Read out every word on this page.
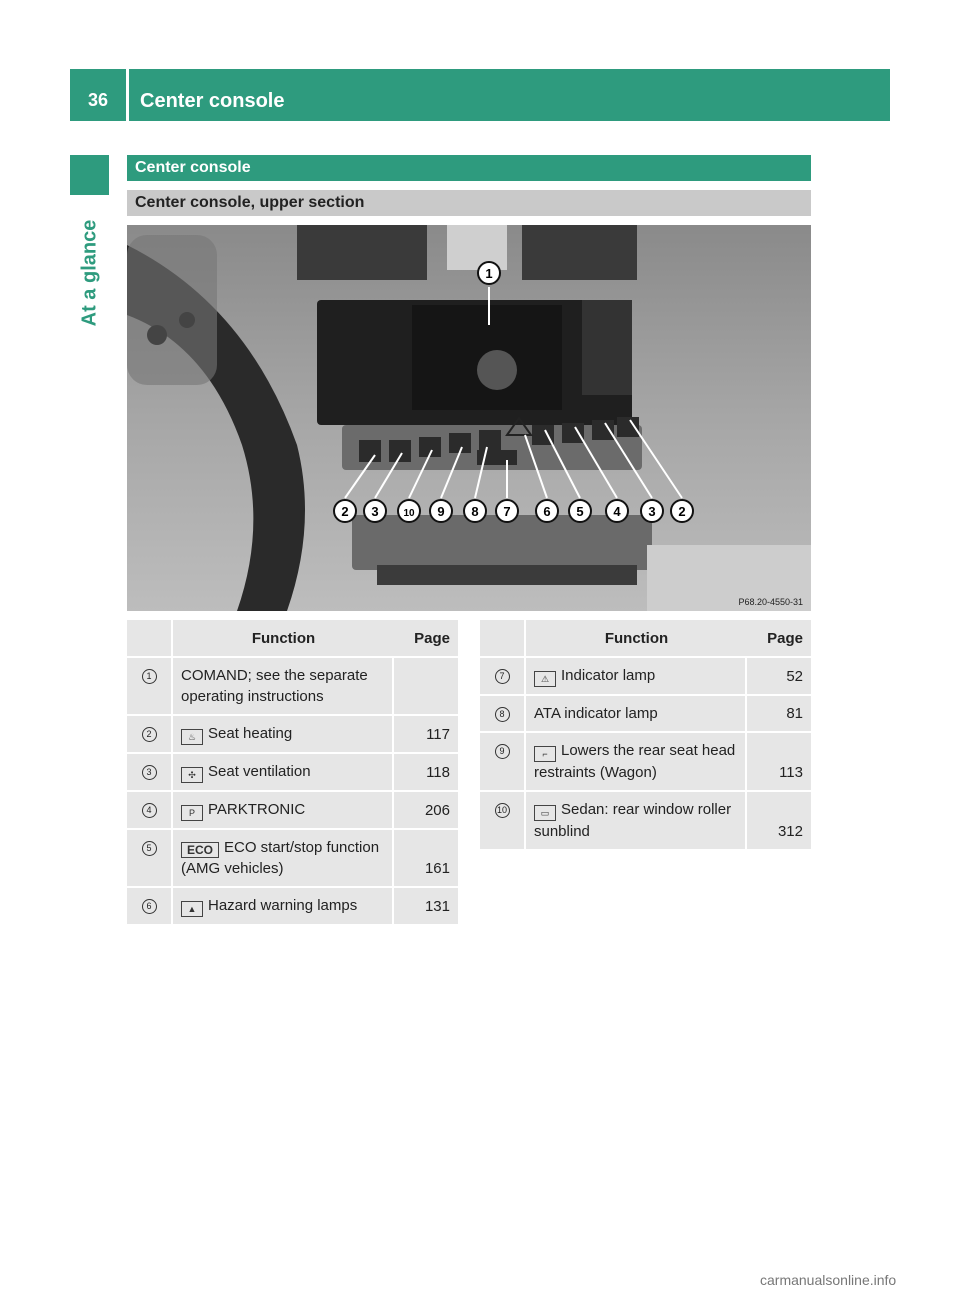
36	Center console
At a glance
Center console
Center console, upper section
1
2 3 10 9 8 7	6 5 4 3 2
P68.20-4550-31
	Function	Page
1	COMAND; see the separate operating instructions	
2	♨ Seat heating	117
3	✣ Seat ventilation	118
4	P PARKTRONIC	206
5	ECO ECO start/stop function (AMG vehicles)	161
6	▲ Hazard warning lamps	131
	Function	Page
7	⚠ Indicator lamp	52
8	ATA indicator lamp	81
9	⌐ Lowers the rear seat head restraints (Wagon)	113
10	▭ Sedan: rear window roller sunblind	312
carmanualsonline.info
